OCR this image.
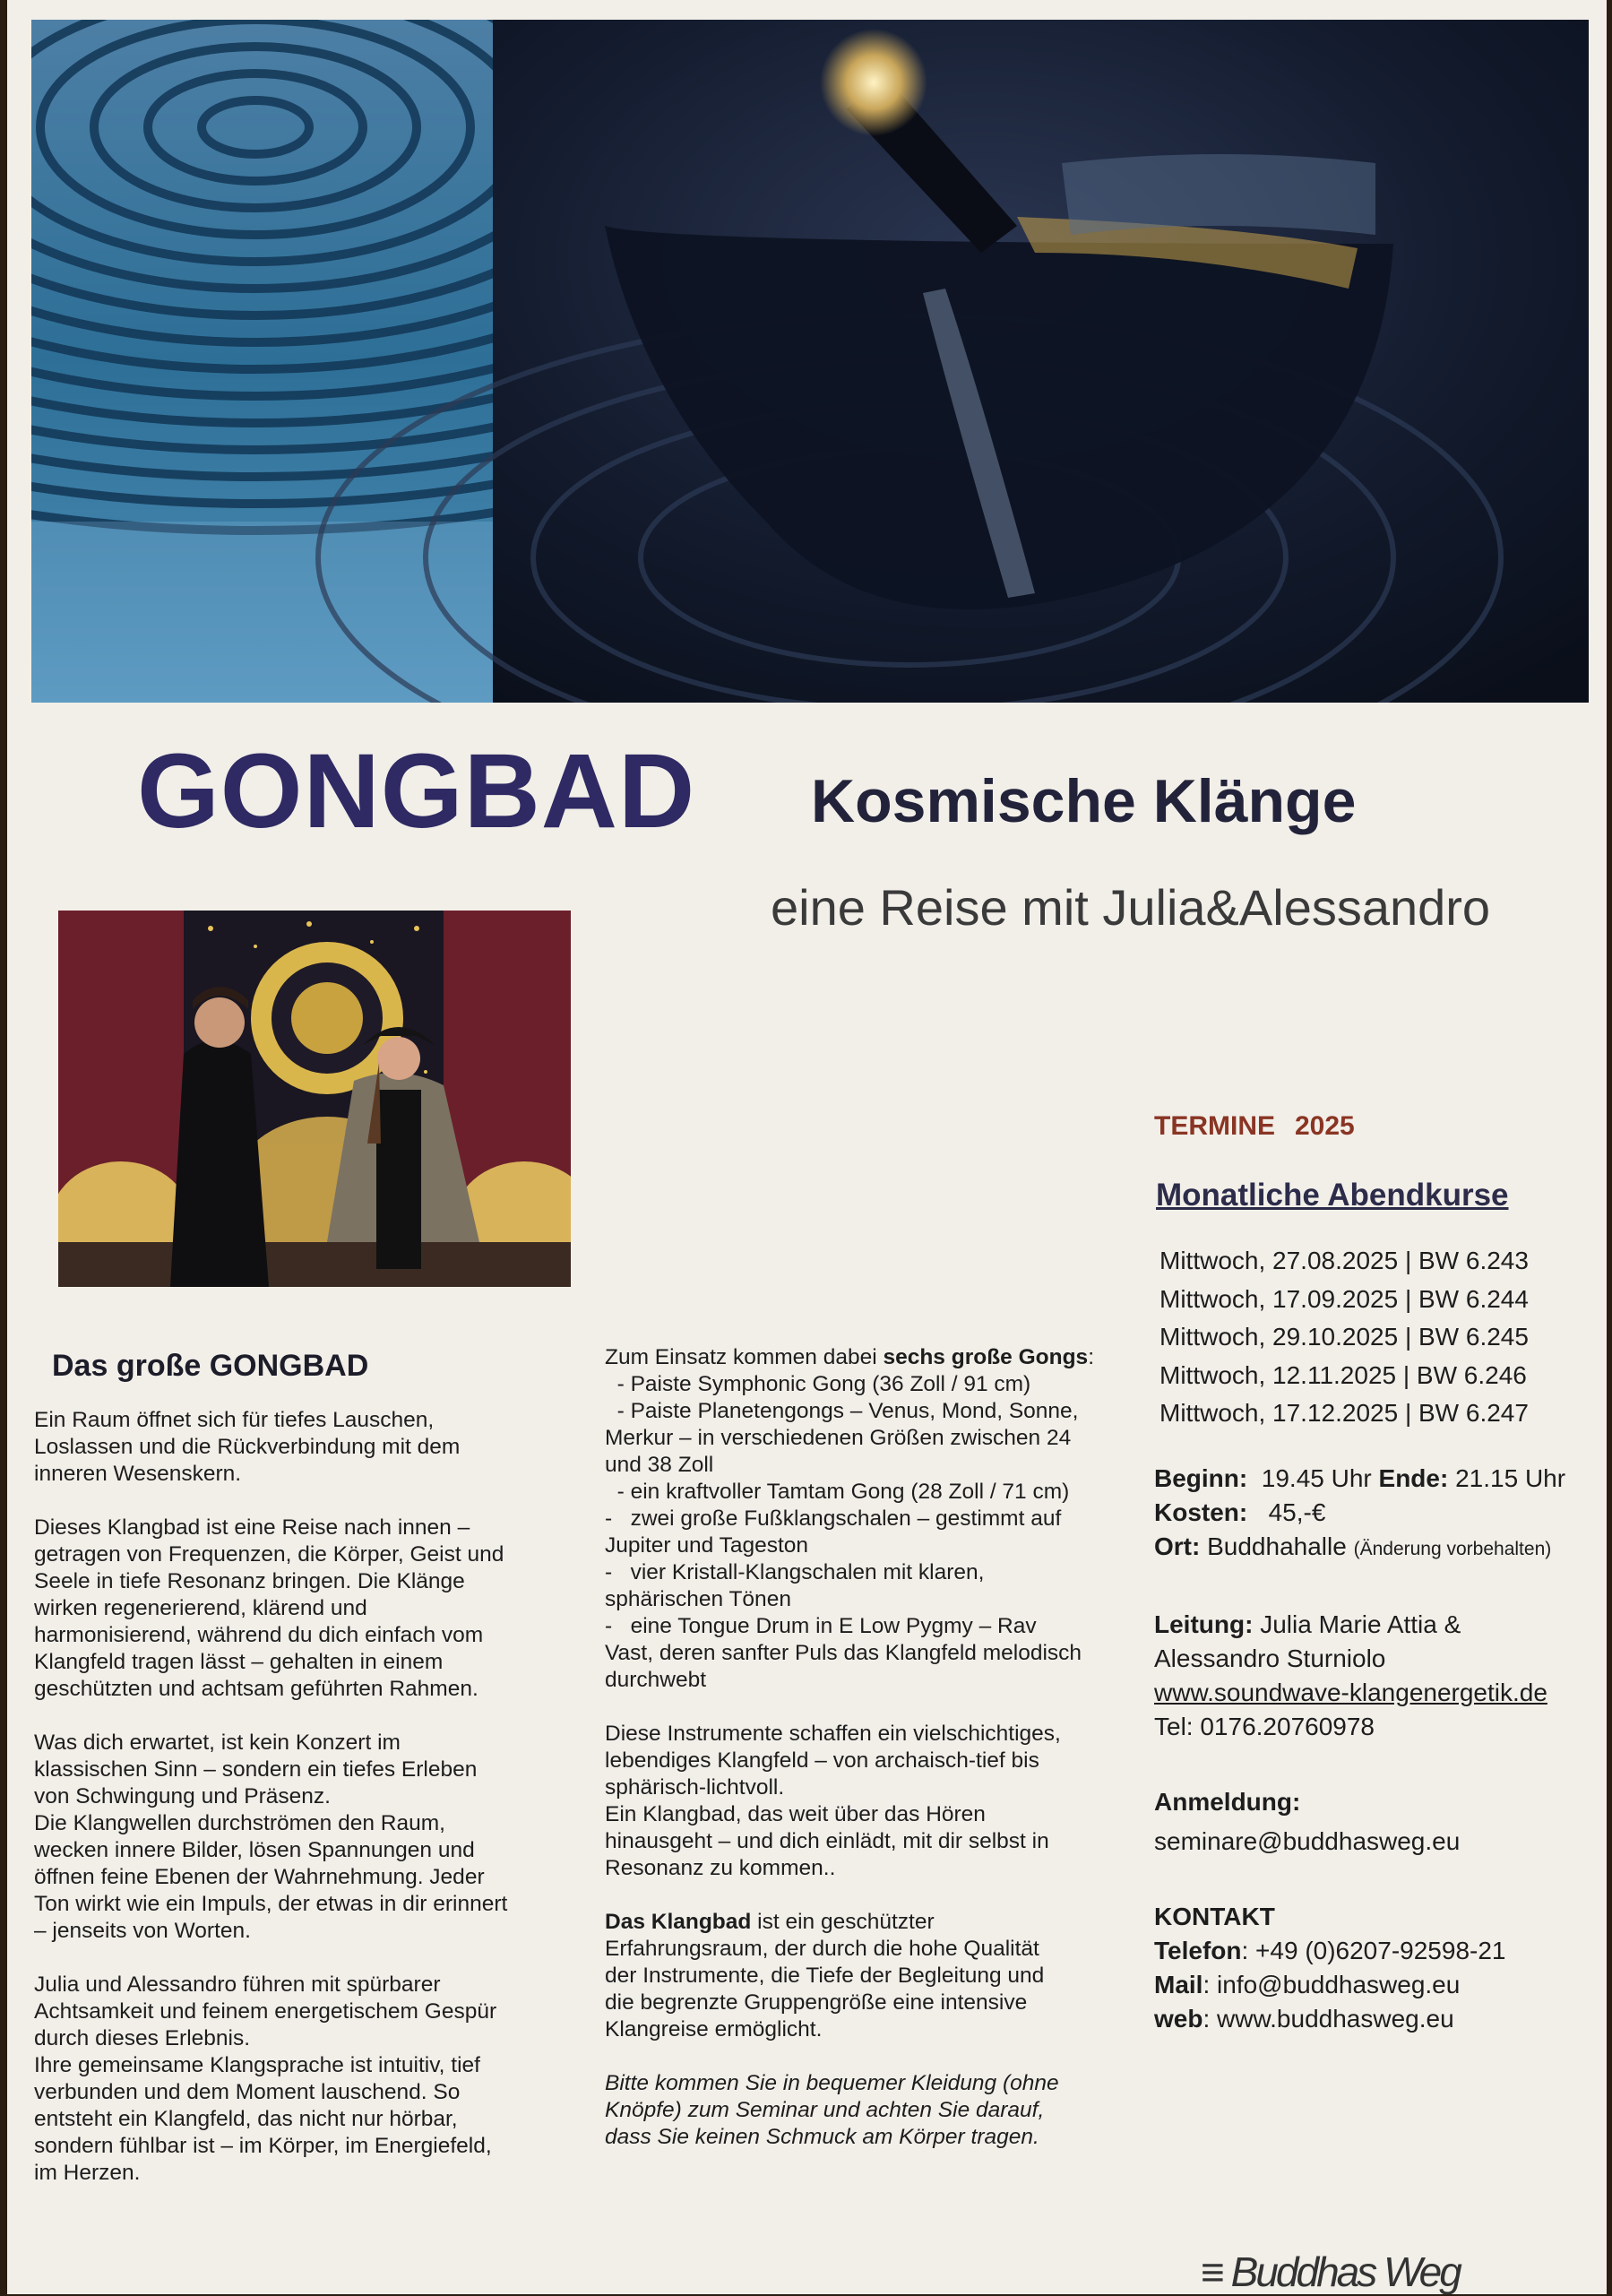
GONGBAD Kosmische Klänge
eine Reise mit Julia&Alessandro
Das große GONGBAD

Ein Raum öffnet sich für tiefes Lauschen,

Loslassen und die Rückverbindung mit dem

inneren Wesenskern.

Dieses Klangbad ist eine Reise nach innen –

getragen von Frequenzen, die Körper, Geist und

Seele in tiefe Resonanz bringen. Die Klänge

wirken regenerierend, klärend und

harmonisierend, während du dich einfach vom

Klangfeld tragen lässt – gehalten in einem

geschützten und achtsam geführten Rahmen.

Was dich erwartet, ist kein Konzert im

klassischen Sinn – sondern ein tiefes Erleben

von Schwingung und Präsenz.

Die Klangwellen durchströmen den Raum,

wecken innere Bilder, lösen Spannungen und

öffnen feine Ebenen der Wahrnehmung. Jeder

Ton wirkt wie ein Impuls, der etwas in dir erinnert

– jenseits von Worten.

Julia und Alessandro führen mit spürbarer

Achtsamkeit und feinem energetischem Gespür

durch dieses Erlebnis.

Ihre gemeinsame Klangsprache ist intuitiv, tief

verbunden und dem Moment lauschend. So

entsteht ein Klangfeld, das nicht nur hörbar,

sondern fühlbar ist – im Körper, im Energiefeld,

im Herzen.

Zum Einsatz kommen dabei sechs große Gongs:

- Paiste Symphonic Gong (36 Zoll / 91 cm)

- Paiste Planetengongs – Venus, Mond, Sonne,

Merkur – in verschiedenen Größen zwischen 24

und 38 Zoll

- ein kraftvoller Tamtam Gong (28 Zoll / 71 cm)

-   zwei große Fußklangschalen – gestimmt auf

Jupiter und Tageston

-   vier Kristall-Klangschalen mit klaren,

sphärischen Tönen

-   eine Tongue Drum in E Low Pygmy – Rav

Vast, deren sanfter Puls das Klangfeld melodisch

durchwebt

Diese Instrumente schaffen ein vielschichtiges,

lebendiges Klangfeld – von archaisch-tief bis

sphärisch-lichtvoll.

Ein Klangbad, das weit über das Hören

hinausgeht – und dich einlädt, mit dir selbst in

Resonanz zu kommen..

Das Klangbad ist ein geschützter

Erfahrungsraum, der durch die hohe Qualität

der Instrumente, die Tiefe der Begleitung und

die begrenzte Gruppengröße eine intensive

Klangreise ermöglicht.

Bitte kommen Sie in bequemer Kleidung (ohne

Knöpfe) zum Seminar und achten Sie darauf,

dass Sie keinen Schmuck am Körper tragen.

TERMINE 2025
Monatliche Abendkurse
Mittwoch, 27.08.2025 | BW 6.243
Mittwoch, 17.09.2025 | BW 6.244
Mittwoch, 29.10.2025 | BW 6.245
Mittwoch, 12.11.2025 | BW 6.246
Mittwoch, 17.12.2025 | BW 6.247
Beginn: 19.45 Uhr Ende: 21.15 Uhr
Kosten: 45,-€
Ort: Buddhahalle (Änderung vorbehalten)
Leitung: Julia Marie Attia &
Alessandro Sturniolo
www.soundwave-klangenergetik.de
Tel: 0176.20760978
Anmeldung:
seminare@buddhasweg.eu
KONTAKT
Telefon: +49 (0)6207-92598-21
Mail: info@buddhasweg.eu
web: www.buddhasweg.eu
≡ Buddhas Weg
